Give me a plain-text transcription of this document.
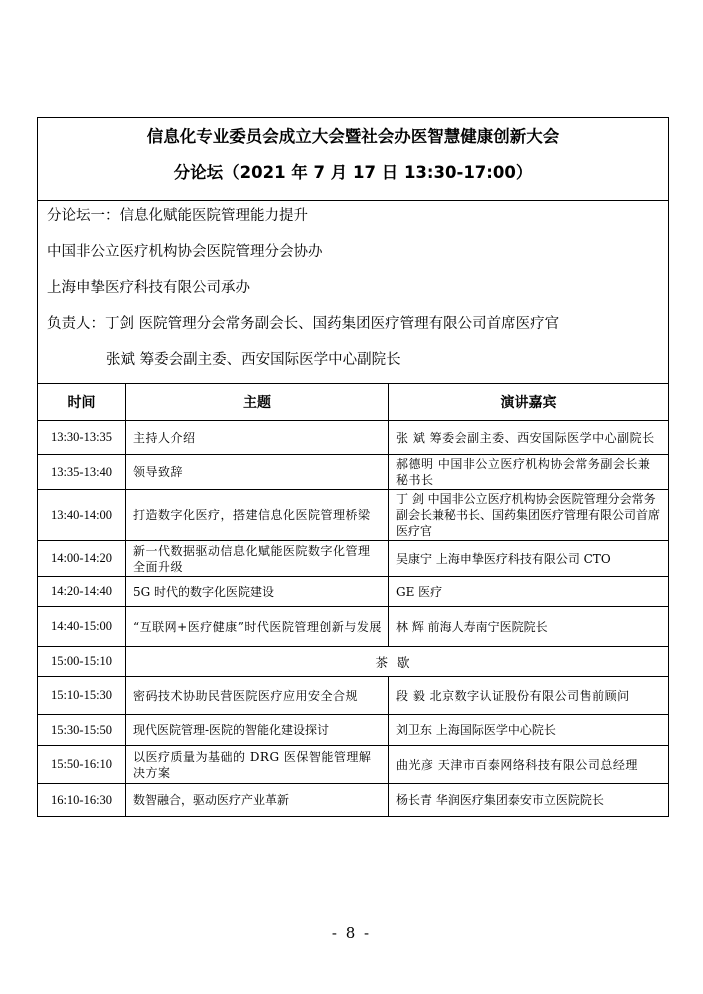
信息化专业委员会成立大会暨社会办医智慧健康创新大会
分论坛（2021 年 7 月 17 日 13:30-17:00）
分论坛一：信息化赋能医院管理能力提升
中国非公立医疗机构协会医院管理分会协办
上海申挚医疗科技有限公司承办
负责人：丁剑 医院管理分会常务副会长、国药集团医疗管理有限公司首席医疗官
张斌 筹委会副主委、西安国际医学中心副院长
时间	主题	演讲嘉宾
13:30-13:35	主持人介绍	张 斌 筹委会副主委、西安国际医学中心副院长

13:35-13:40	领导致辞	郝德明 中国非公立医疗机构协会常务副会长兼秘书长

13:40-14:00	打造数字化医疗，搭建信息化医院管理桥梁	丁 剑 中国非公立医疗机构协会医院管理分会常务副会长兼秘书长、国药集团医疗管理有限公司首席医疗官

14:00-14:20	新一代数据驱动信息化赋能医院数字化管理全面升级	吴康宁 上海申挚医疗科技有限公司 CTO

14:20-14:40	5G 时代的数字化医院建设	GE 医疗

14:40-15:00	“互联网+医疗健康”时代医院管理创新与发展	林 辉 前海人寿南宁医院院长

15:00-15:10	茶歇	
15:10-15:30	密码技术协助民营医院医疗应用安全合规	段 毅 北京数字认证股份有限公司售前顾问

15:30-15:50	现代医院管理-医院的智能化建设探讨	刘卫东 上海国际医学中心院长

15:50-16:10	以医疗质量为基础的 DRG 医保智能管理解决方案	曲光彦 天津市百泰网络科技有限公司总经理

16:10-16:30	数智融合，驱动医疗产业革新	杨长青 华润医疗集团泰安市立医院院长
- 8 -
